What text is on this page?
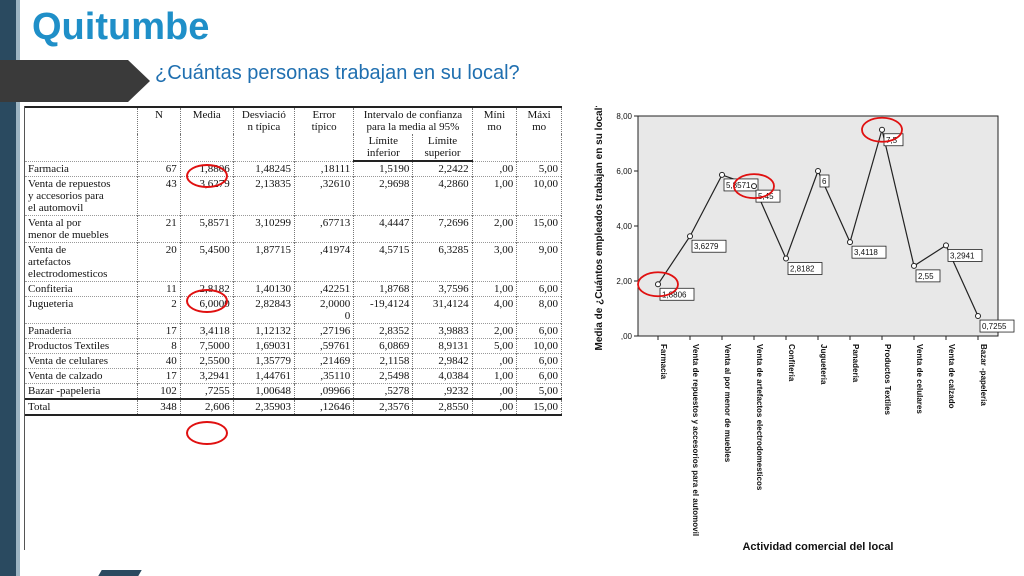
Quitumbe
¿Cuántas personas trabajan en su local?
	N	Media	Desviació
n típica	Error
típico	Intervalo de confianza
para la media al 95%		Míni
mo	Máxi
mo
					Límite
inferior	Límite
superior		
Farmacia	67	1,8806	1,48245	,18111	1,5190	2,2422	,00	5,00
Venta de repuestos
y accesorios para
el automovil	43	3,6279	2,13835	,32610	2,9698	4,2860	1,00	10,00
Venta al por
menor de muebles	21	5,8571	3,10299	,67713	4,4447	7,2696	2,00	15,00
Venta de
artefactos
electrodomesticos	20	5,4500	1,87715	,41974	4,5715	6,3285	3,00	9,00
Confiteria	11	2,8182	1,40130	,42251	1,8768	3,7596	1,00	6,00
Jugueteria	2	6,0000	2,82843	2,0000
0	-19,4124	31,4124	4,00	8,00
Panaderia	17	3,4118	1,12132	,27196	2,8352	3,9883	2,00	6,00
Productos Textiles	8	7,5000	1,69031	,59761	6,0869	8,9131	5,00	10,00
Venta de celulares	40	2,5500	1,35779	,21469	2,1158	2,9842	,00	6,00
Venta de calzado	17	3,2941	1,44761	,35110	2,5498	4,0384	1,00	6,00
Bazar -papeleria	102	,7255	1,00648	,09966	,5278	,9232	,00	5,00
Total	348	2,606	2,35903	,12646	2,3576	2,8550	,00	15,00
,00
2,00
4,00
6,00
8,00
1,8806
Farmacia
3,6279
Venta de repuestos y accesorios para el automovil
5,8571
Venta al por menor de muebles
5,45
Venta de artefactos electrodomesticos
2,8182
Confiteria
6
Jugueteria
3,4118
Panaderia
7,5
Productos Textiles
2,55
Venta de celulares
3,2941
Venta de calzado
0,7255
Bazar -papeleria
Media de ¿Cuántos empleados trabajan en su local?
Actividad comercial del local
